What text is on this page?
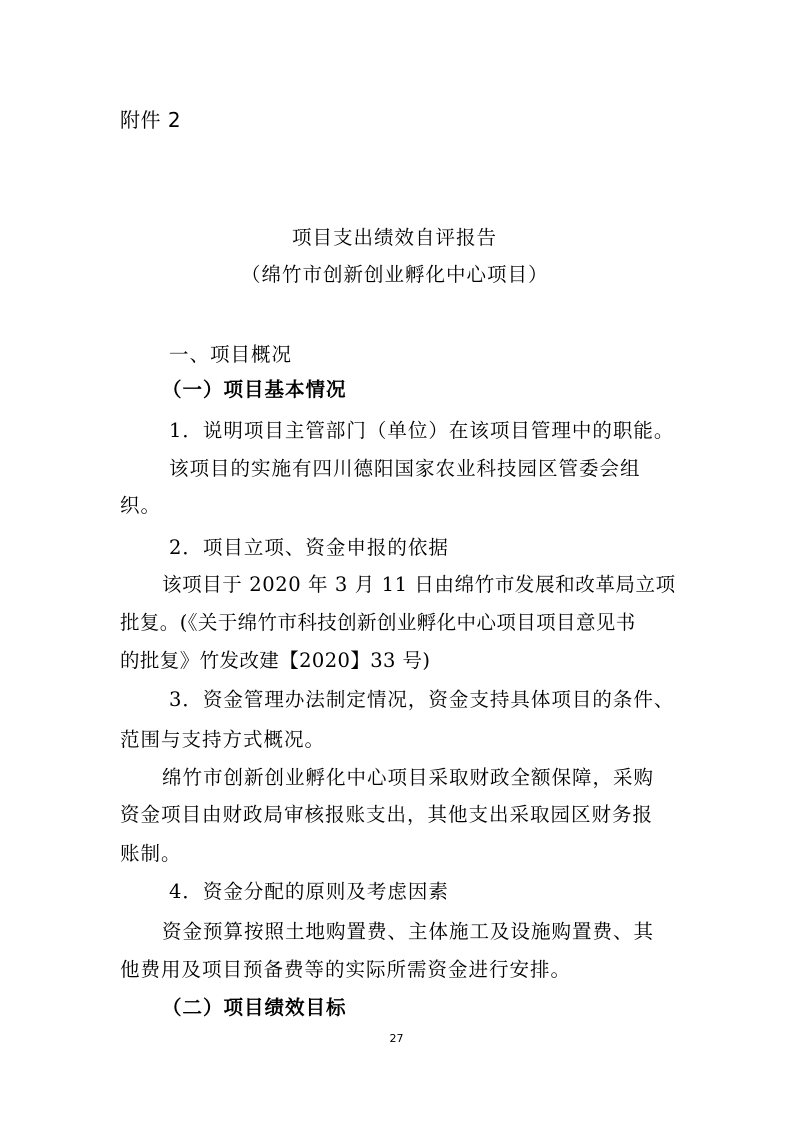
附件 2
项目支出绩效自评报告
（绵竹市创新创业孵化中心项目）
一、项目概况
（一）项目基本情况
1．说明项目主管部门（单位）在该项目管理中的职能。
该项目的实施有四川德阳国家农业科技园区管委会组
织。
2．项目立项、资金申报的依据
该项目于 2020 年 3 月 11 日由绵竹市发展和改革局立项
批复。(《关于绵竹市科技创新创业孵化中心项目项目意见书
的批复》竹发改建【2020】33 号)
3．资金管理办法制定情况，资金支持具体项目的条件、
范围与支持方式概况。
绵竹市创新创业孵化中心项目采取财政全额保障，采购
资金项目由财政局审核报账支出，其他支出采取园区财务报
账制。
4．资金分配的原则及考虑因素
资金预算按照土地购置费、主体施工及设施购置费、其
他费用及项目预备费等的实际所需资金进行安排。
（二）项目绩效目标
27
